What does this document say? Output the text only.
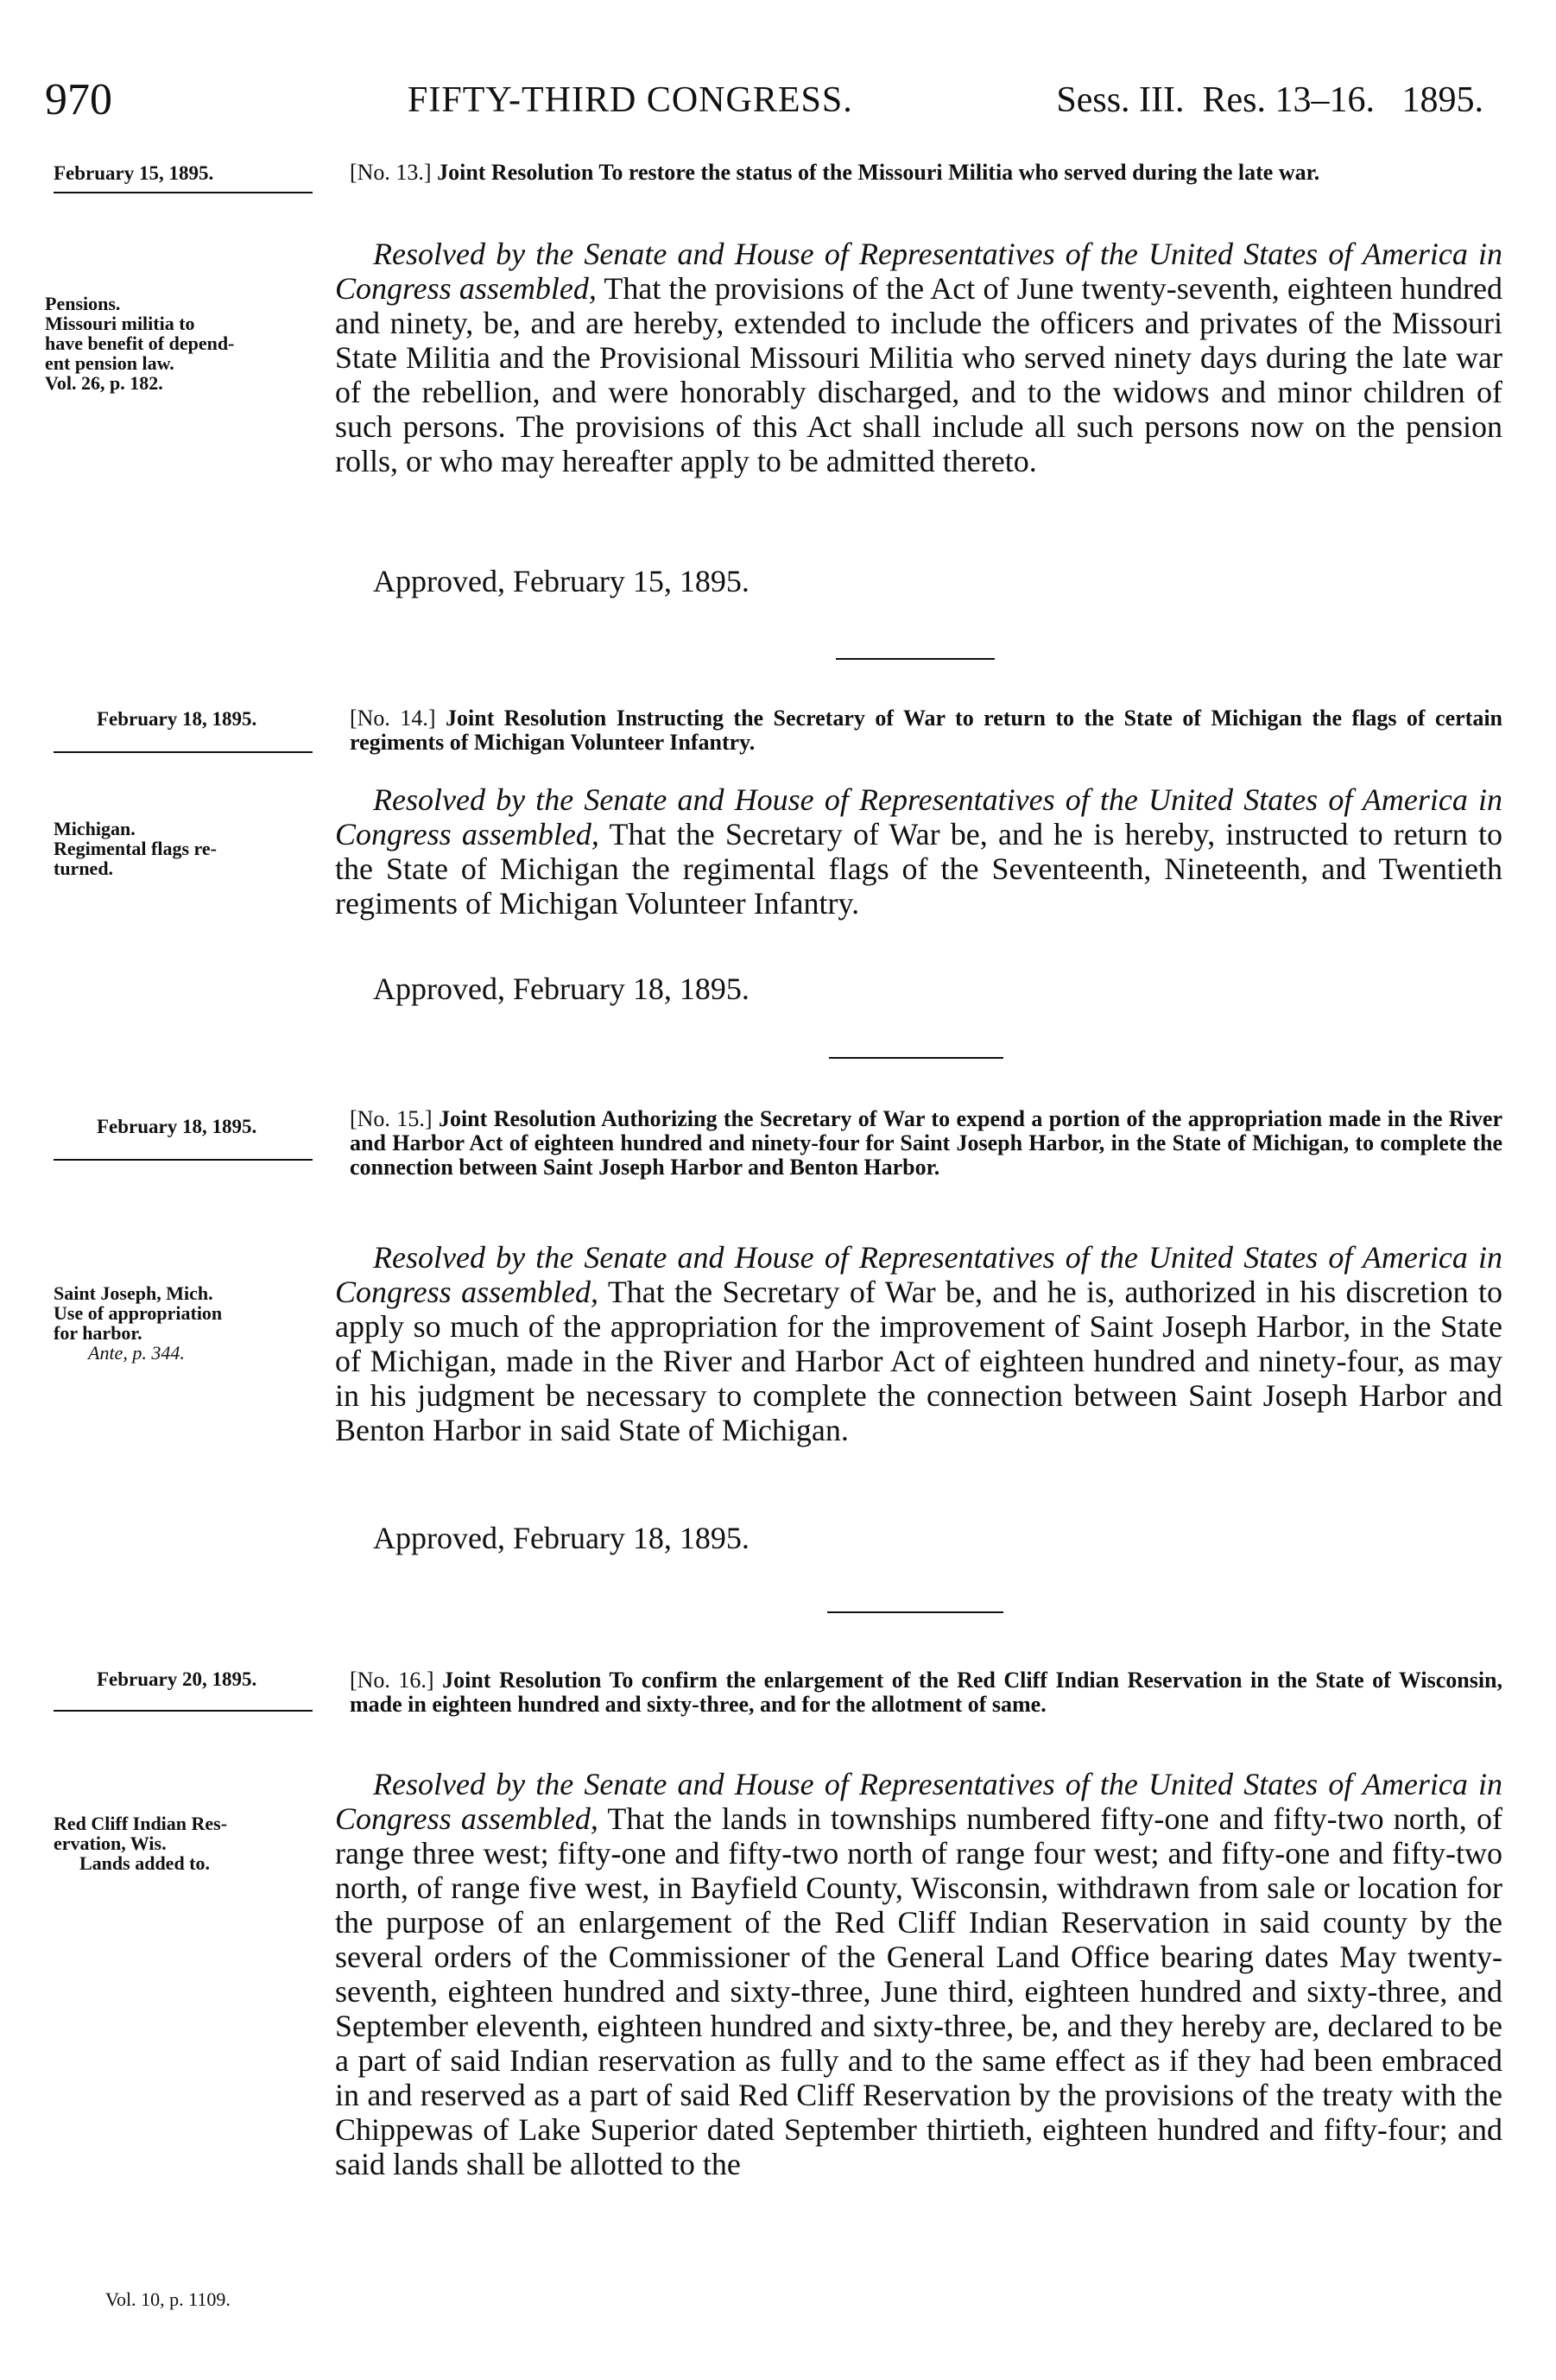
970	FIFTY-THIRD CONGRESS.	Sess. III. Res. 13–16. 1895.
February 15, 1895.	[No. 13.] Joint Resolution To restore the status of the Missouri Militia who served during the late war.
Pensions.
Missouri militia to
have benefit of depend-
ent pension law.
Vol. 26, p. 182.
Resolved by the Senate and House of Representatives of the United States of America in Congress assembled, That the provisions of the Act of June twenty-seventh, eighteen hundred and ninety, be, and are hereby, extended to include the officers and privates of the Missouri State Militia and the Provisional Missouri Militia who served ninety days during the late war of the rebellion, and were honorably discharged, and to the widows and minor children of such persons. The provisions of this Act shall include all such persons now on the pension rolls, or who may hereafter apply to be admitted thereto.
Approved, February 15, 1895.
February 18, 1895.	[No. 14.] Joint Resolution Instructing the Secretary of War to return to the State of Michigan the flags of certain regiments of Michigan Volunteer Infantry.
Michigan.
Regimental flags re-
turned.
Resolved by the Senate and House of Representatives of the United States of America in Congress assembled, That the Secretary of War be, and he is hereby, instructed to return to the State of Michigan the regimental flags of the Seventeenth, Nineteenth, and Twentieth regiments of Michigan Volunteer Infantry.
Approved, February 18, 1895.
February 18, 1895.	[No. 15.] Joint Resolution Authorizing the Secretary of War to expend a portion of the appropriation made in the River and Harbor Act of eighteen hundred and ninety-four for Saint Joseph Harbor, in the State of Michigan, to complete the connection between Saint Joseph Harbor and Benton Harbor.
Saint Joseph, Mich.
Use of appropriation
for harbor.
Ante, p. 344.
Resolved by the Senate and House of Representatives of the United States of America in Congress assembled, That the Secretary of War be, and he is, authorized in his discretion to apply so much of the appropriation for the improvement of Saint Joseph Harbor, in the State of Michigan, made in the River and Harbor Act of eighteen hundred and ninety-four, as may in his judgment be necessary to complete the connection between Saint Joseph Harbor and Benton Harbor in said State of Michigan.
Approved, February 18, 1895.
February 20, 1895.	[No. 16.] Joint Resolution To confirm the enlargement of the Red Cliff Indian Reservation in the State of Wisconsin, made in eighteen hundred and sixty-three, and for the allotment of same.
Red Cliff Indian Res-
ervation, Wis.
Lands added to.
Resolved by the Senate and House of Representatives of the United States of America in Congress assembled, That the lands in townships numbered fifty-one and fifty-two north, of range three west; fifty-one and fifty-two north of range four west; and fifty-one and fifty-two north, of range five west, in Bayfield County, Wisconsin, withdrawn from sale or location for the purpose of an enlargement of the Red Cliff Indian Reservation in said county by the several orders of the Commissioner of the General Land Office bearing dates May twenty-seventh, eighteen hundred and sixty-three, June third, eighteen hundred and sixty-three, and September eleventh, eighteen hundred and sixty-three, be, and they hereby are, declared to be a part of said Indian reservation as fully and to the same effect as if they had been embraced in and reserved as a part of said Red Cliff Reservation by the provisions of the treaty with the Chippewas of Lake Superior dated September thirtieth, eighteen hundred and fifty-four; and said lands shall be allotted to the
Vol. 10, p. 1109.
